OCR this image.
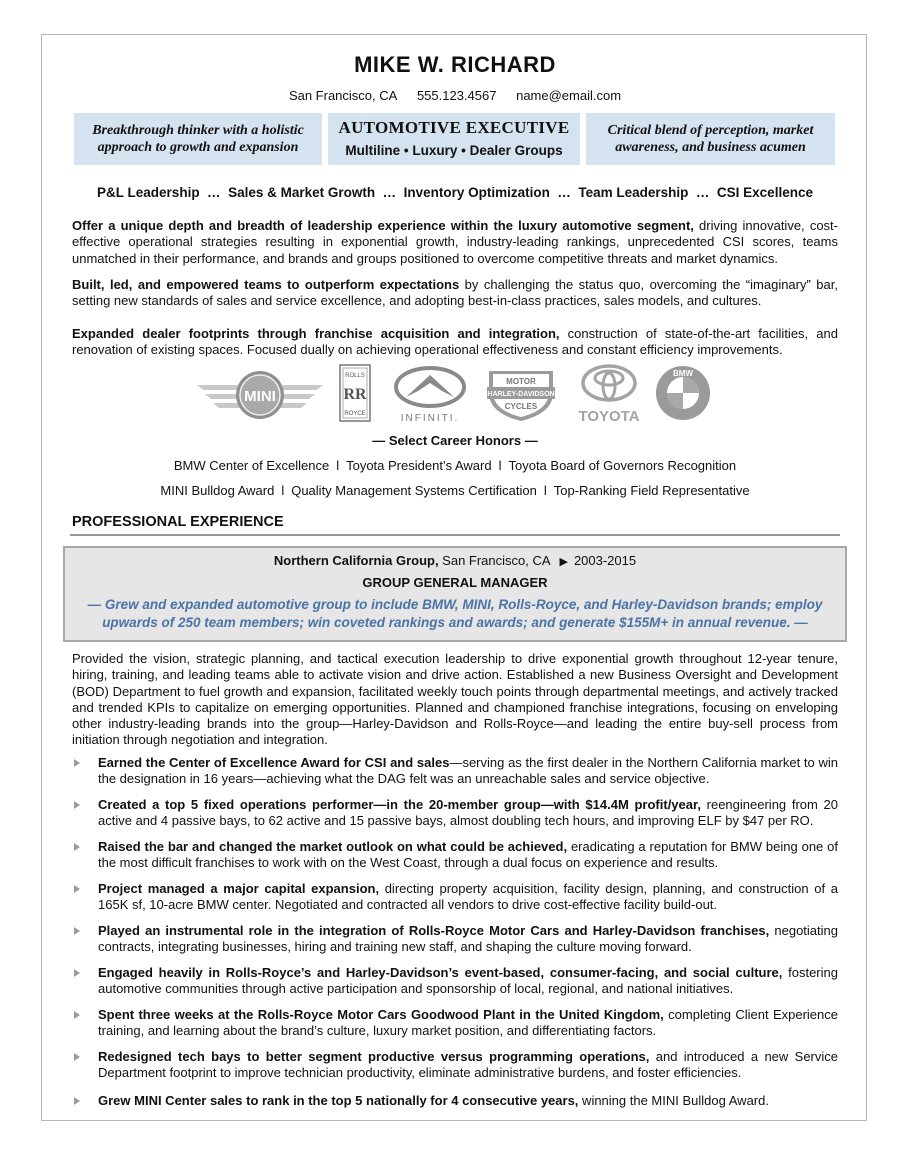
MIKE W. RICHARD
San Francisco, CA 555.123.4567 name@email.com
Breakthrough thinker with a holistic approach to growth and expansion
AUTOMOTIVE EXECUTIVE
Multiline • Luxury • Dealer Groups
Critical blend of perception, market awareness, and business acumen
P&L Leadership  …  Sales & Market Growth  …  Inventory Optimization  …  Team Leadership  …  CSI Excellence
Offer a unique depth and breadth of leadership experience within the luxury automotive segment, driving innovative, cost-effective operational strategies resulting in exponential growth, industry-leading rankings, unprecedented CSI scores, teams unmatched in their performance, and brands and groups positioned to overcome competitive threats and market dynamics.
Built, led, and empowered teams to outperform expectations by challenging the status quo, overcoming the “imaginary” bar, setting new standards of sales and service excellence, and adopting best-in-class practices, sales models, and cultures.
Expanded dealer footprints through franchise acquisition and integration, construction of state-of-the-art facilities, and renovation of existing spaces. Focused dually on achieving operational effectiveness and constant efficiency improvements.
MINI
ROLLS
RR
ROYCE	INFINITI.
MOTOR
HARLEY-DAVIDSON
CYCLES
TOYOTA
BMW
— Select Career Honors —
BMW Center of Excellence l Toyota President’s Award l Toyota Board of Governors Recognition
MINI Bulldog Award l Quality Management Systems Certification l Top-Ranking Field Representative
PROFESSIONAL EXPERIENCE
Northern California Group, San Francisco, CA ▶ 2003-2015
GROUP GENERAL MANAGER
— Grew and expanded automotive group to include BMW, MINI, Rolls-Royce, and Harley-Davidson brands; employ upwards of 250 team members; win coveted rankings and awards; and generate $155M+ in annual revenue. —
Provided the vision, strategic planning, and tactical execution leadership to drive exponential growth throughout 12-year tenure, hiring, training, and leading teams able to activate vision and drive action. Established a new Business Oversight and Development (BOD) Department to fuel growth and expansion, facilitated weekly touch points through departmental meetings, and actively tracked and trended KPIs to capitalize on emerging opportunities. Planned and championed franchise integrations, focusing on enveloping other industry-leading brands into the group—Harley-Davidson and Rolls-Royce—and leading the entire buy-sell process from initiation through negotiation and integration.
Earned the Center of Excellence Award for CSI and sales—serving as the first dealer in the Northern California market to win the designation in 16 years—achieving what the DAG felt was an unreachable sales and service objective.
Created a top 5 fixed operations performer—in the 20-member group—with $14.4M profit/year, reengineering from 20 active and 4 passive bays, to 62 active and 15 passive bays, almost doubling tech hours, and improving ELF by $47 per RO.
Raised the bar and changed the market outlook on what could be achieved, eradicating a reputation for BMW being one of the most difficult franchises to work with on the West Coast, through a dual focus on experience and results.
Project managed a major capital expansion, directing property acquisition, facility design, planning, and construction of a 165K sf, 10-acre BMW center. Negotiated and contracted all vendors to drive cost-effective facility build-out.
Played an instrumental role in the integration of Rolls-Royce Motor Cars and Harley-Davidson franchises, negotiating contracts, integrating businesses, hiring and training new staff, and shaping the culture moving forward.
Engaged heavily in Rolls-Royce’s and Harley-Davidson’s event-based, consumer-facing, and social culture, fostering automotive communities through active participation and sponsorship of local, regional, and national initiatives.
Spent three weeks at the Rolls-Royce Motor Cars Goodwood Plant in the United Kingdom, completing Client Experience training, and learning about the brand’s culture, luxury market position, and differentiating factors.
Redesigned tech bays to better segment productive versus programming operations, and introduced a new Service Department footprint to improve technician productivity, eliminate administrative burdens, and foster efficiencies.
Grew MINI Center sales to rank in the top 5 nationally for 4 consecutive years, winning the MINI Bulldog Award.
